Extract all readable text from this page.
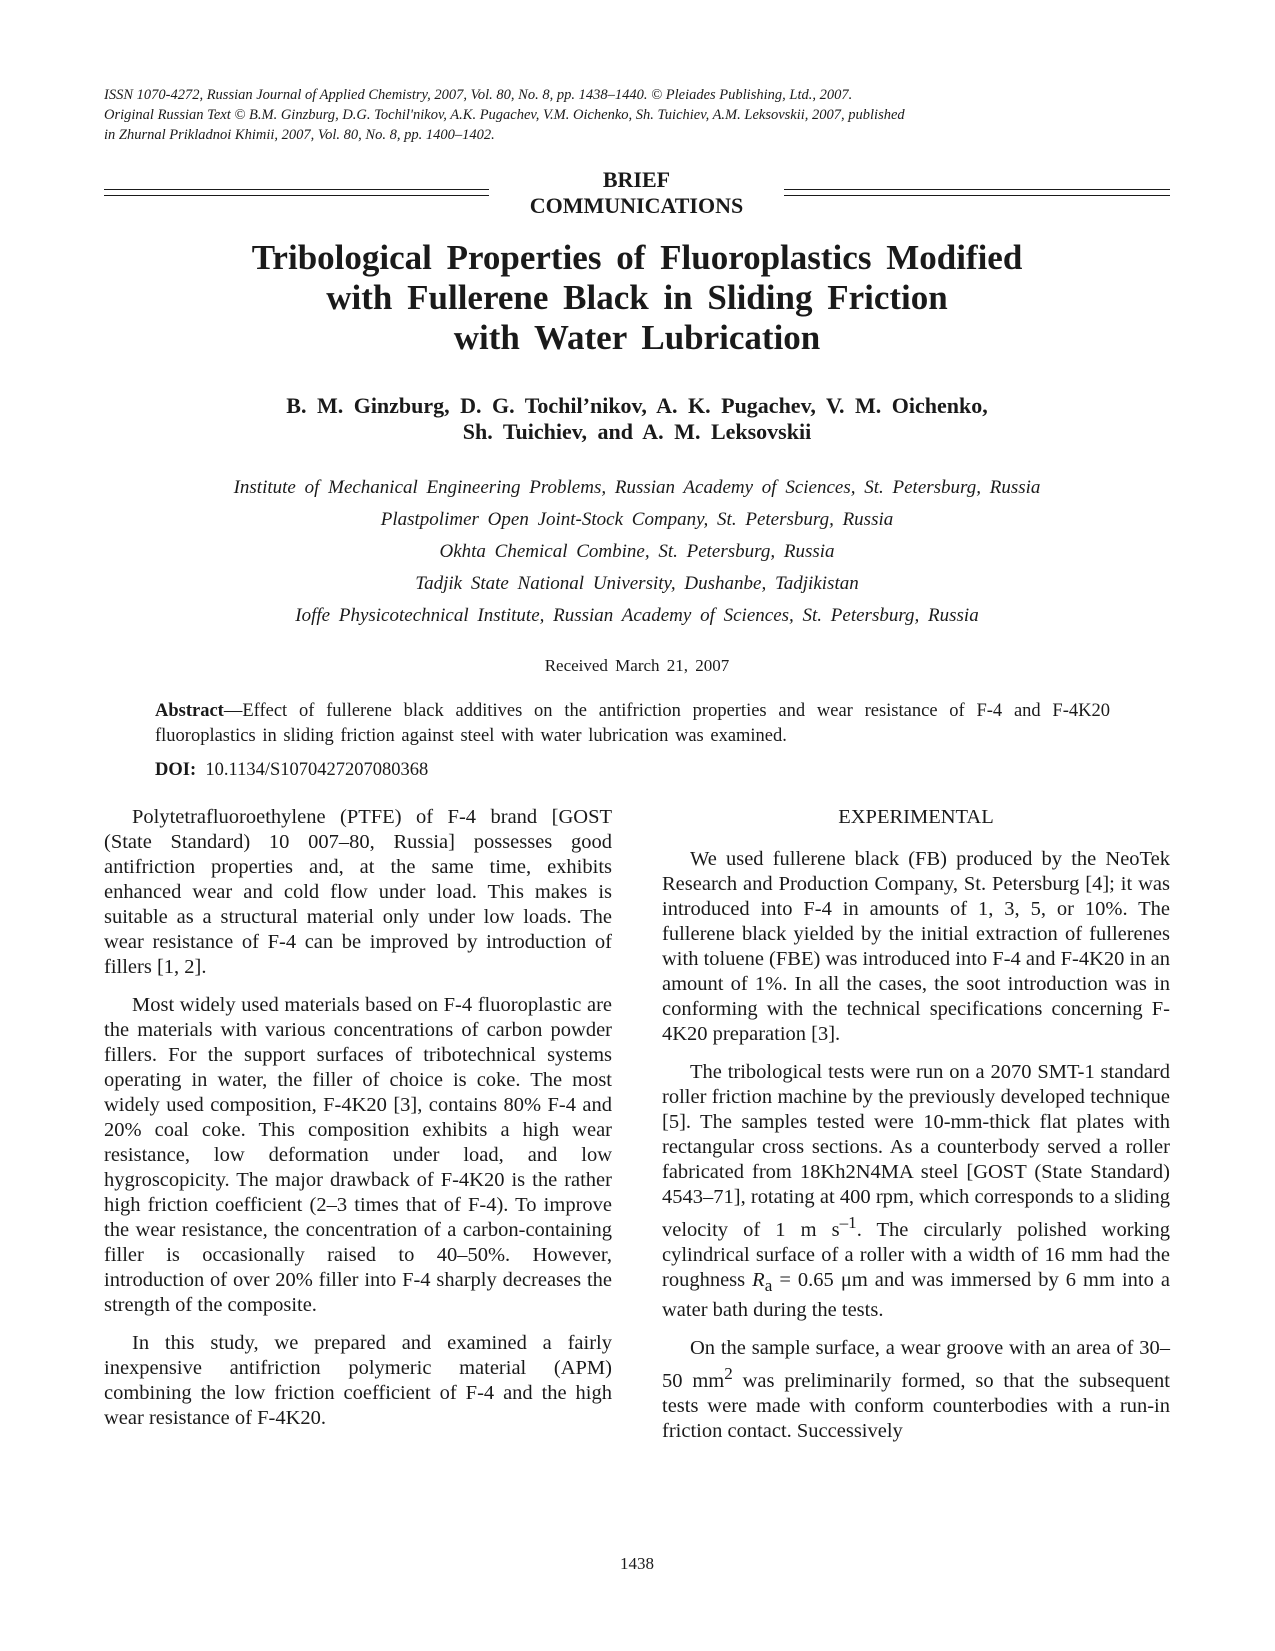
ISSN 1070-4272, Russian Journal of Applied Chemistry, 2007, Vol. 80, No. 8, pp. 1438–1440. © Pleiades Publishing, Ltd., 2007.
Original Russian Text © B.M. Ginzburg, D.G. Tochil'nikov, A.K. Pugachev, V.M. Oichenko, Sh. Tuichiev, A.M. Leksovskii, 2007, published
in Zhurnal Prikladnoi Khimii, 2007, Vol. 80, No. 8, pp. 1400–1402.
BRIEF
COMMUNICATIONS
Tribological Properties of Fluoroplastics Modified
with Fullerene Black in Sliding Friction
with Water Lubrication
B. M. Ginzburg, D. G. Tochil’nikov, A. K. Pugachev, V. M. Oichenko,
Sh. Tuichiev, and A. M. Leksovskii
Institute of Mechanical Engineering Problems, Russian Academy of Sciences, St. Petersburg, Russia
Plastpolimer Open Joint-Stock Company, St. Petersburg, Russia
Okhta Chemical Combine, St. Petersburg, Russia
Tadjik State National University, Dushanbe, Tadjikistan
Ioffe Physicotechnical Institute, Russian Academy of Sciences, St. Petersburg, Russia
Received March 21, 2007
Abstract—Effect of fullerene black additives on the antifriction properties and wear resistance of F-4 and F-4K20 fluoroplastics in sliding friction against steel with water lubrication was examined.
DOI: 10.1134/S1070427207080368

Polytetrafluoroethylene (PTFE) of F-4 brand [GOST (State Standard) 10 007–80, Russia] possesses good antifriction properties and, at the same time, exhibits enhanced wear and cold flow under load. This makes is suitable as a structural material only under low loads. The wear resistance of F-4 can be improved by introduction of fillers [1, 2].

Most widely used materials based on F-4 fluoroplastic are the materials with various concentrations of carbon powder fillers. For the support surfaces of tribotechnical systems operating in water, the filler of choice is coke. The most widely used composition, F-4K20 [3], contains 80% F-4 and 20% coal coke. This composition exhibits a high wear resistance, low deformation under load, and low hygroscopicity. The major drawback of F-4K20 is the rather high friction coefficient (2–3 times that of F-4). To improve the wear resistance, the concentration of a carbon-containing filler is occasionally raised to 40–50%. However, introduction of over 20% filler into F-4 sharply decreases the strength of the composite.

In this study, we prepared and examined a fairly inexpensive antifriction polymeric material (APM) combining the low friction coefficient of F-4 and the high wear resistance of F-4K20.

EXPERIMENTAL

We used fullerene black (FB) produced by the NeoTek Research and Production Company, St. Petersburg [4]; it was introduced into F-4 in amounts of 1, 3, 5, or 10%. The fullerene black yielded by the initial extraction of fullerenes with toluene (FBE) was introduced into F-4 and F-4K20 in an amount of 1%. In all the cases, the soot introduction was in conforming with the technical specifications concerning F-4K20 preparation [3].

The tribological tests were run on a 2070 SMT-1 standard roller friction machine by the previously developed technique [5]. The samples tested were 10-mm-thick flat plates with rectangular cross sections. As a counterbody served a roller fabricated from 18Kh2N4MA steel [GOST (State Standard) 4543–71], rotating at 400 rpm, which corresponds to a sliding velocity of 1 m $s^{-1}$. The circularly polished working cylindrical surface of a roller with a width of 16 mm had the roughness $R_a = 0.65$ μm and was immersed by 6 mm into a water bath during the tests.

On the sample surface, a wear groove with an area of 30–50 $mm^2$ was preliminarily formed, so that the subsequent tests were made with conform counterbodies with a run-in friction contact. Successively

1438
